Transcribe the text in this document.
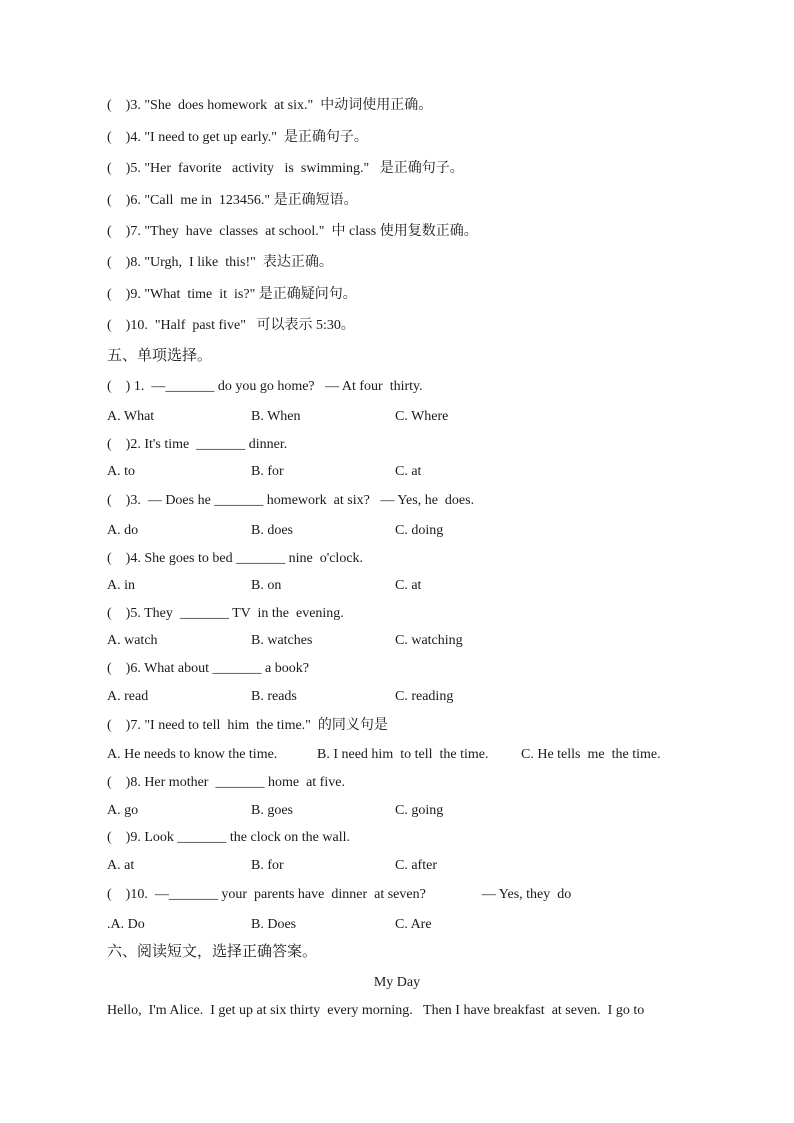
(    )3. "She  does homework  at six."  中动词使用正确。
(    )4. "I need to get up early."  是正确句子。
(    )5. "Her  favorite   activity   is  swimming."   是正确句子。
(    )6. "Call  me in  123456." 是正确短语。
(    )7. "They  have  classes  at school."  中 class 使用复数正确。
(    )8. "Urgh,  I like  this!"  表达正确。
(    )9. "What  time  it  is?" 是正确疑问句。
(    )10.  "Half  past five"   可以表示 5:30。
五、单项选择。
(    ) 1.  —_______ do you go home?   — At four  thirty.
A. What	B. When	C. Where
(    )2. It's time  _______ dinner.
A. to	B. for	C. at
(    )3.  — Does he _______ homework  at six?   — Yes, he  does.
A. do	B. does	C. doing
(    )4. She goes to bed _______ nine  o'clock.
A. in	B. on	C. at
(    )5. They  _______ TV  in the  evening.
A. watch	B. watches	C. watching
(    )6. What about _______ a book?
A. read	B. reads	C. reading
(    )7. "I need to tell  him  the time."  的同义句是
A. He needs to know the time.	B. I need him  to tell  the time. C. He tells  me  the time.
(    )8. Her mother  _______ home  at five.
A. go	B. goes	C. going
(    )9. Look _______ the clock on the wall.
A. at	B. for	C. after
(    )10.  —_______ your  parents have  dinner  at seven?                — Yes, they  do
.A. Do	B. Does	C. Are
六、阅读短文，选择正确答案。
My Day
Hello,  I'm Alice.  I get up at six thirty  every morning.   Then I have breakfast  at seven.  I go to
